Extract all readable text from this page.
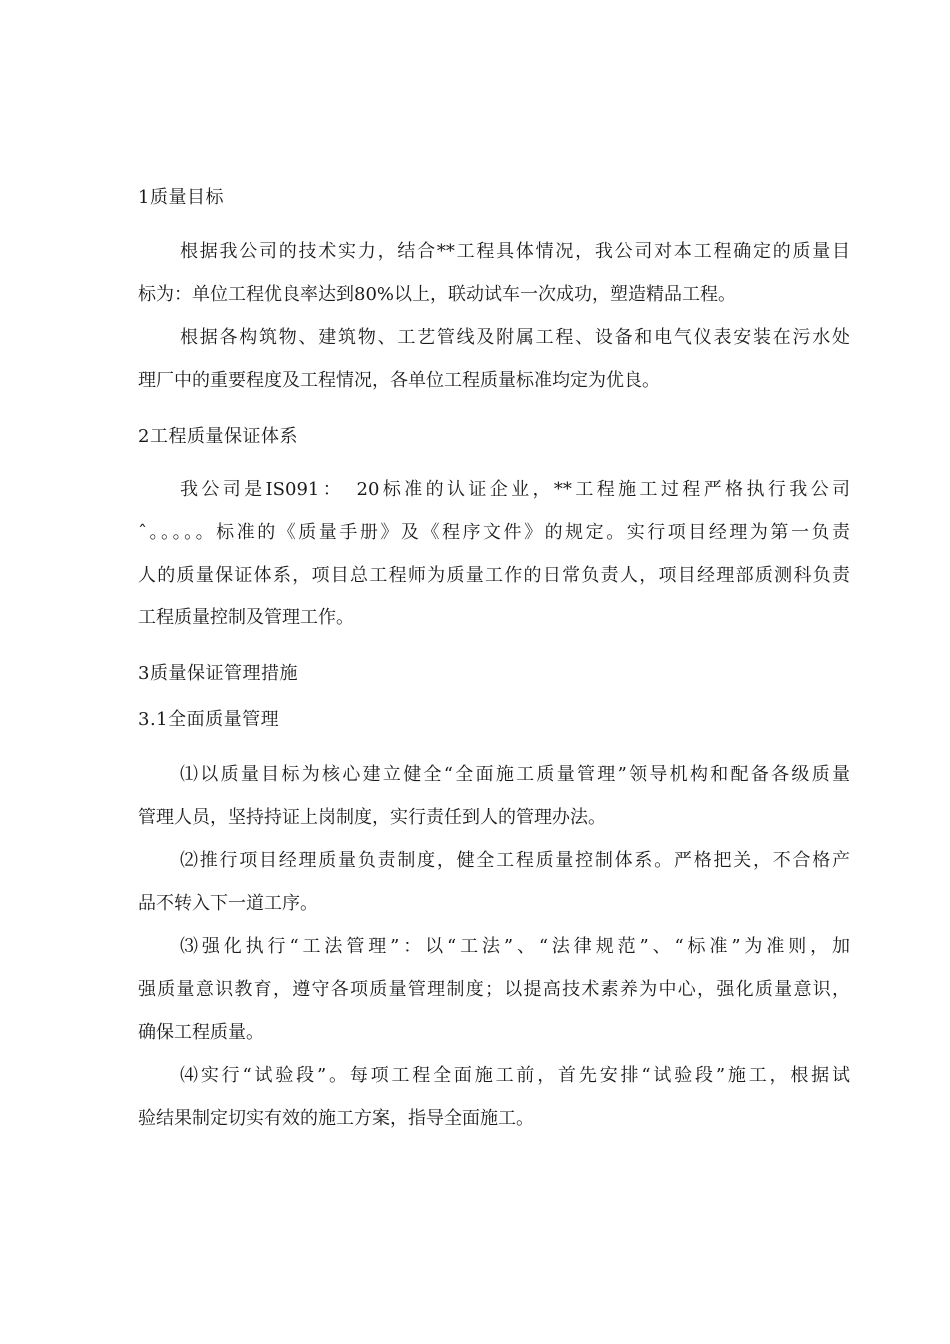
1质量目标
根据我公司的技术实力，结合**工程具体情况，我公司对本工程确定的质量目
标为：单位工程优良率达到80%以上，联动试车一次成功，塑造精品工程。
根据各构筑物、建筑物、工艺管线及附属工程、设备和电气仪表安装在污水处
理厂中的重要程度及工程情况，各单位工程质量标准均定为优良。
2工程质量保证体系
我公司是IS091：　20标准的认证企业，**工程施工过程严格执行我公司
ˆ。。。。。标准的《质量手册》及《程序文件》的规定。实行项目经理为第一负责
人的质量保证体系，项目总工程师为质量工作的日常负责人，项目经理部质测科负责
工程质量控制及管理工作。
3质量保证管理措施
3.1全面质量管理
⑴以质量目标为核心建立健全“全面施工质量管理”领导机构和配备各级质量
管理人员，坚持持证上岗制度，实行责任到人的管理办法。
⑵推行项目经理质量负责制度，健全工程质量控制体系。严格把关，不合格产
品不转入下一道工序。
⑶强化执行“工法管理”：以“工法”、“法律规范”、“标准”为准则，加
强质量意识教育，遵守各项质量管理制度；以提高技术素养为中心，强化质量意识，
确保工程质量。
⑷实行“试验段”。每项工程全面施工前，首先安排“试验段”施工，根据试
验结果制定切实有效的施工方案，指导全面施工。
